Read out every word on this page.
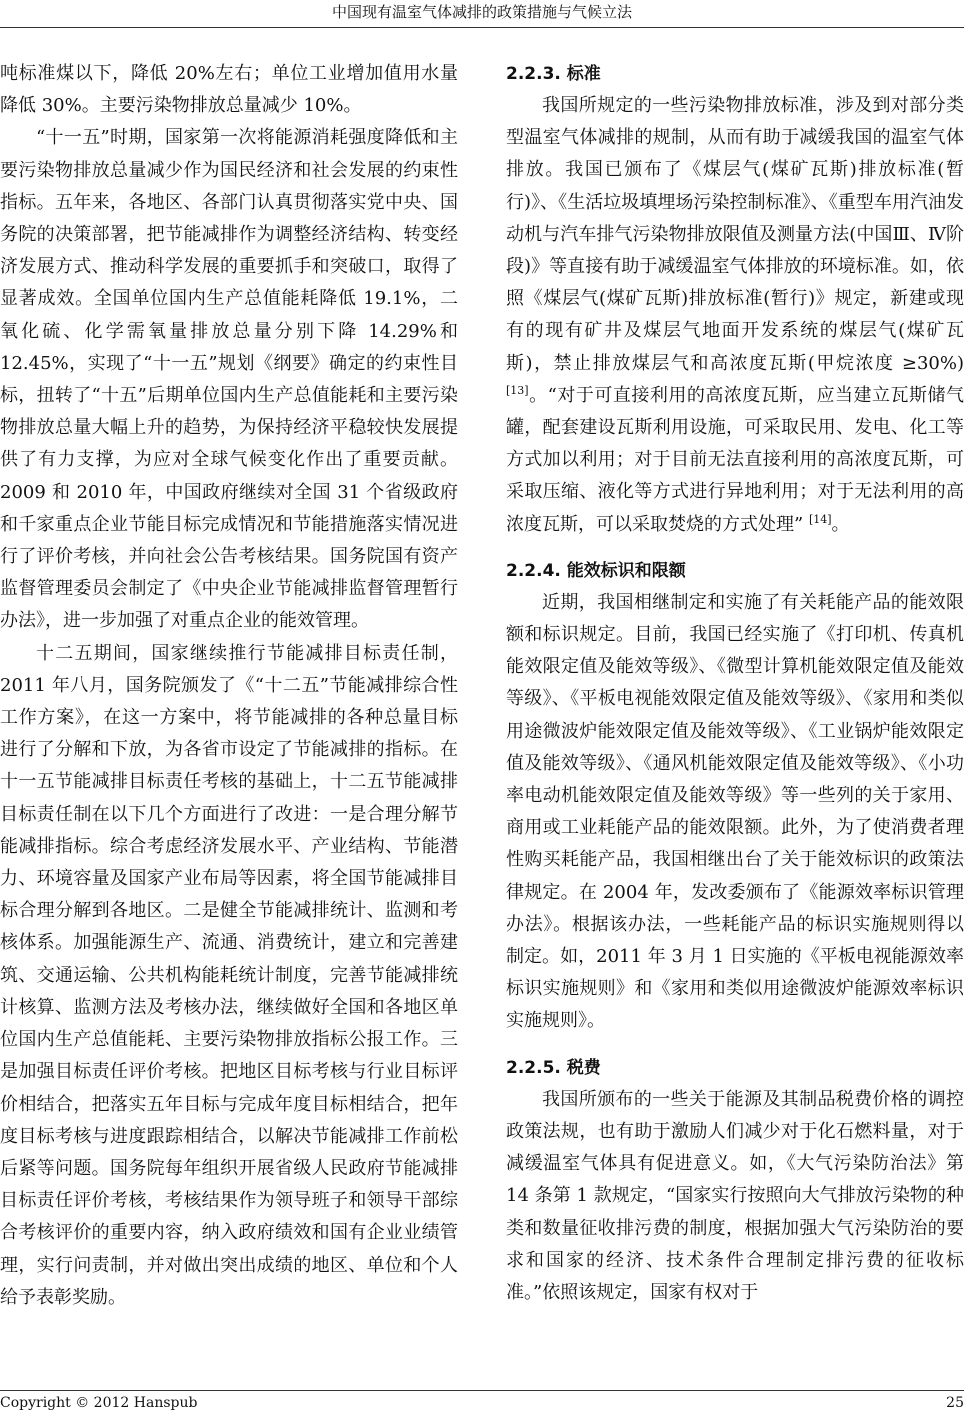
中国现有温室气体减排的政策措施与气候立法

吨标准煤以下，降低 20%左右；单位工业增加值用水量降低 30%。主要污染物排放总量减少 10%。

“十一五”时期，国家第一次将能源消耗强度降低和主要污染物排放总量减少作为国民经济和社会发展的约束性指标。五年来，各地区、各部门认真贯彻落实党中央、国务院的决策部署，把节能减排作为调整经济结构、转变经济发展方式、推动科学发展的重要抓手和突破口，取得了显著成效。全国单位国内生产总值能耗降低 19.1%，二氧化硫、化学需氧量排放总量分别下降 14.29%和 12.45%，实现了“十一五”规划《纲要》确定的约束性目标，扭转了“十五”后期单位国内生产总值能耗和主要污染物排放总量大幅上升的趋势，为保持经济平稳较快发展提供了有力支撑，为应对全球气候变化作出了重要贡献。2009 和 2010 年，中国政府继续对全国 31 个省级政府和千家重点企业节能目标完成情况和节能措施落实情况进行了评价考核，并向社会公告考核结果。国务院国有资产监督管理委员会制定了《中央企业节能减排监督管理暂行办法》，进一步加强了对重点企业的能效管理。

十二五期间，国家继续推行节能减排目标责任制，2011 年八月，国务院颁发了《“十二五”节能减排综合性工作方案》，在这一方案中，将节能减排的各种总量目标进行了分解和下放，为各省市设定了节能减排的指标。在十一五节能减排目标责任考核的基础上，十二五节能减排目标责任制在以下几个方面进行了改进：一是合理分解节能减排指标。综合考虑经济发展水平、产业结构、节能潜力、环境容量及国家产业布局等因素，将全国节能减排目标合理分解到各地区。二是健全节能减排统计、监测和考核体系。加强能源生产、流通、消费统计，建立和完善建筑、交通运输、公共机构能耗统计制度，完善节能减排统计核算、监测方法及考核办法，继续做好全国和各地区单位国内生产总值能耗、主要污染物排放指标公报工作。三是加强目标责任评价考核。把地区目标考核与行业目标评价相结合，把落实五年目标与完成年度目标相结合，把年度目标考核与进度跟踪相结合，以解决节能减排工作前松后紧等问题。国务院每年组织开展省级人民政府节能减排目标责任评价考核，考核结果作为领导班子和领导干部综合考核评价的重要内容，纳入政府绩效和国有企业业绩管理，实行问责制，并对做出突出成绩的地区、单位和个人给予表彰奖励。

2.2.3. 标准

我国所规定的一些污染物排放标准，涉及到对部分类型温室气体减排的规制，从而有助于减缓我国的温室气体排放。我国已颁布了《煤层气(煤矿瓦斯)排放标准(暂行)》、《生活垃圾填埋场污染控制标准》、《重型车用汽油发动机与汽车排气污染物排放限值及测量方法(中国Ⅲ、Ⅳ阶段)》等直接有助于减缓温室气体排放的环境标准。如，依照《煤层气(煤矿瓦斯)排放标准(暂行)》规定，新建或现有的现有矿井及煤层气地面开发系统的煤层气(煤矿瓦斯)，禁止排放煤层气和高浓度瓦斯(甲烷浓度 ≥30%)[13]。“对于可直接利用的高浓度瓦斯，应当建立瓦斯储气罐，配套建设瓦斯利用设施，可采取民用、发电、化工等方式加以利用；对于目前无法直接利用的高浓度瓦斯，可采取压缩、液化等方式进行异地利用；对于无法利用的高浓度瓦斯，可以采取焚烧的方式处理” [14]。

2.2.4. 能效标识和限额

近期，我国相继制定和实施了有关耗能产品的能效限额和标识规定。目前，我国已经实施了《打印机、传真机能效限定值及能效等级》、《微型计算机能效限定值及能效等级》、《平板电视能效限定值及能效等级》、《家用和类似用途微波炉能效限定值及能效等级》、《工业锅炉能效限定值及能效等级》、《通风机能效限定值及能效等级》、《小功率电动机能效限定值及能效等级》等一些列的关于家用、商用或工业耗能产品的能效限额。此外，为了使消费者理性购买耗能产品，我国相继出台了关于能效标识的政策法律规定。在 2004 年，发改委颁布了《能源效率标识管理办法》。根据该办法，一些耗能产品的标识实施规则得以制定。如，2011 年 3 月 1 日实施的《平板电视能源效率标识实施规则》和《家用和类似用途微波炉能源效率标识实施规则》。

2.2.5. 税费

我国所颁布的一些关于能源及其制品税费价格的调控政策法规，也有助于激励人们减少对于化石燃料量，对于减缓温室气体具有促进意义。如，《大气污染防治法》第 14 条第 1 款规定，“国家实行按照向大气排放污染物的种类和数量征收排污费的制度，根据加强大气污染防治的要求和国家的经济、技术条件合理制定排污费的征收标准。”依照该规定，国家有权对于

Copyright © 2012 Hanspub	25
